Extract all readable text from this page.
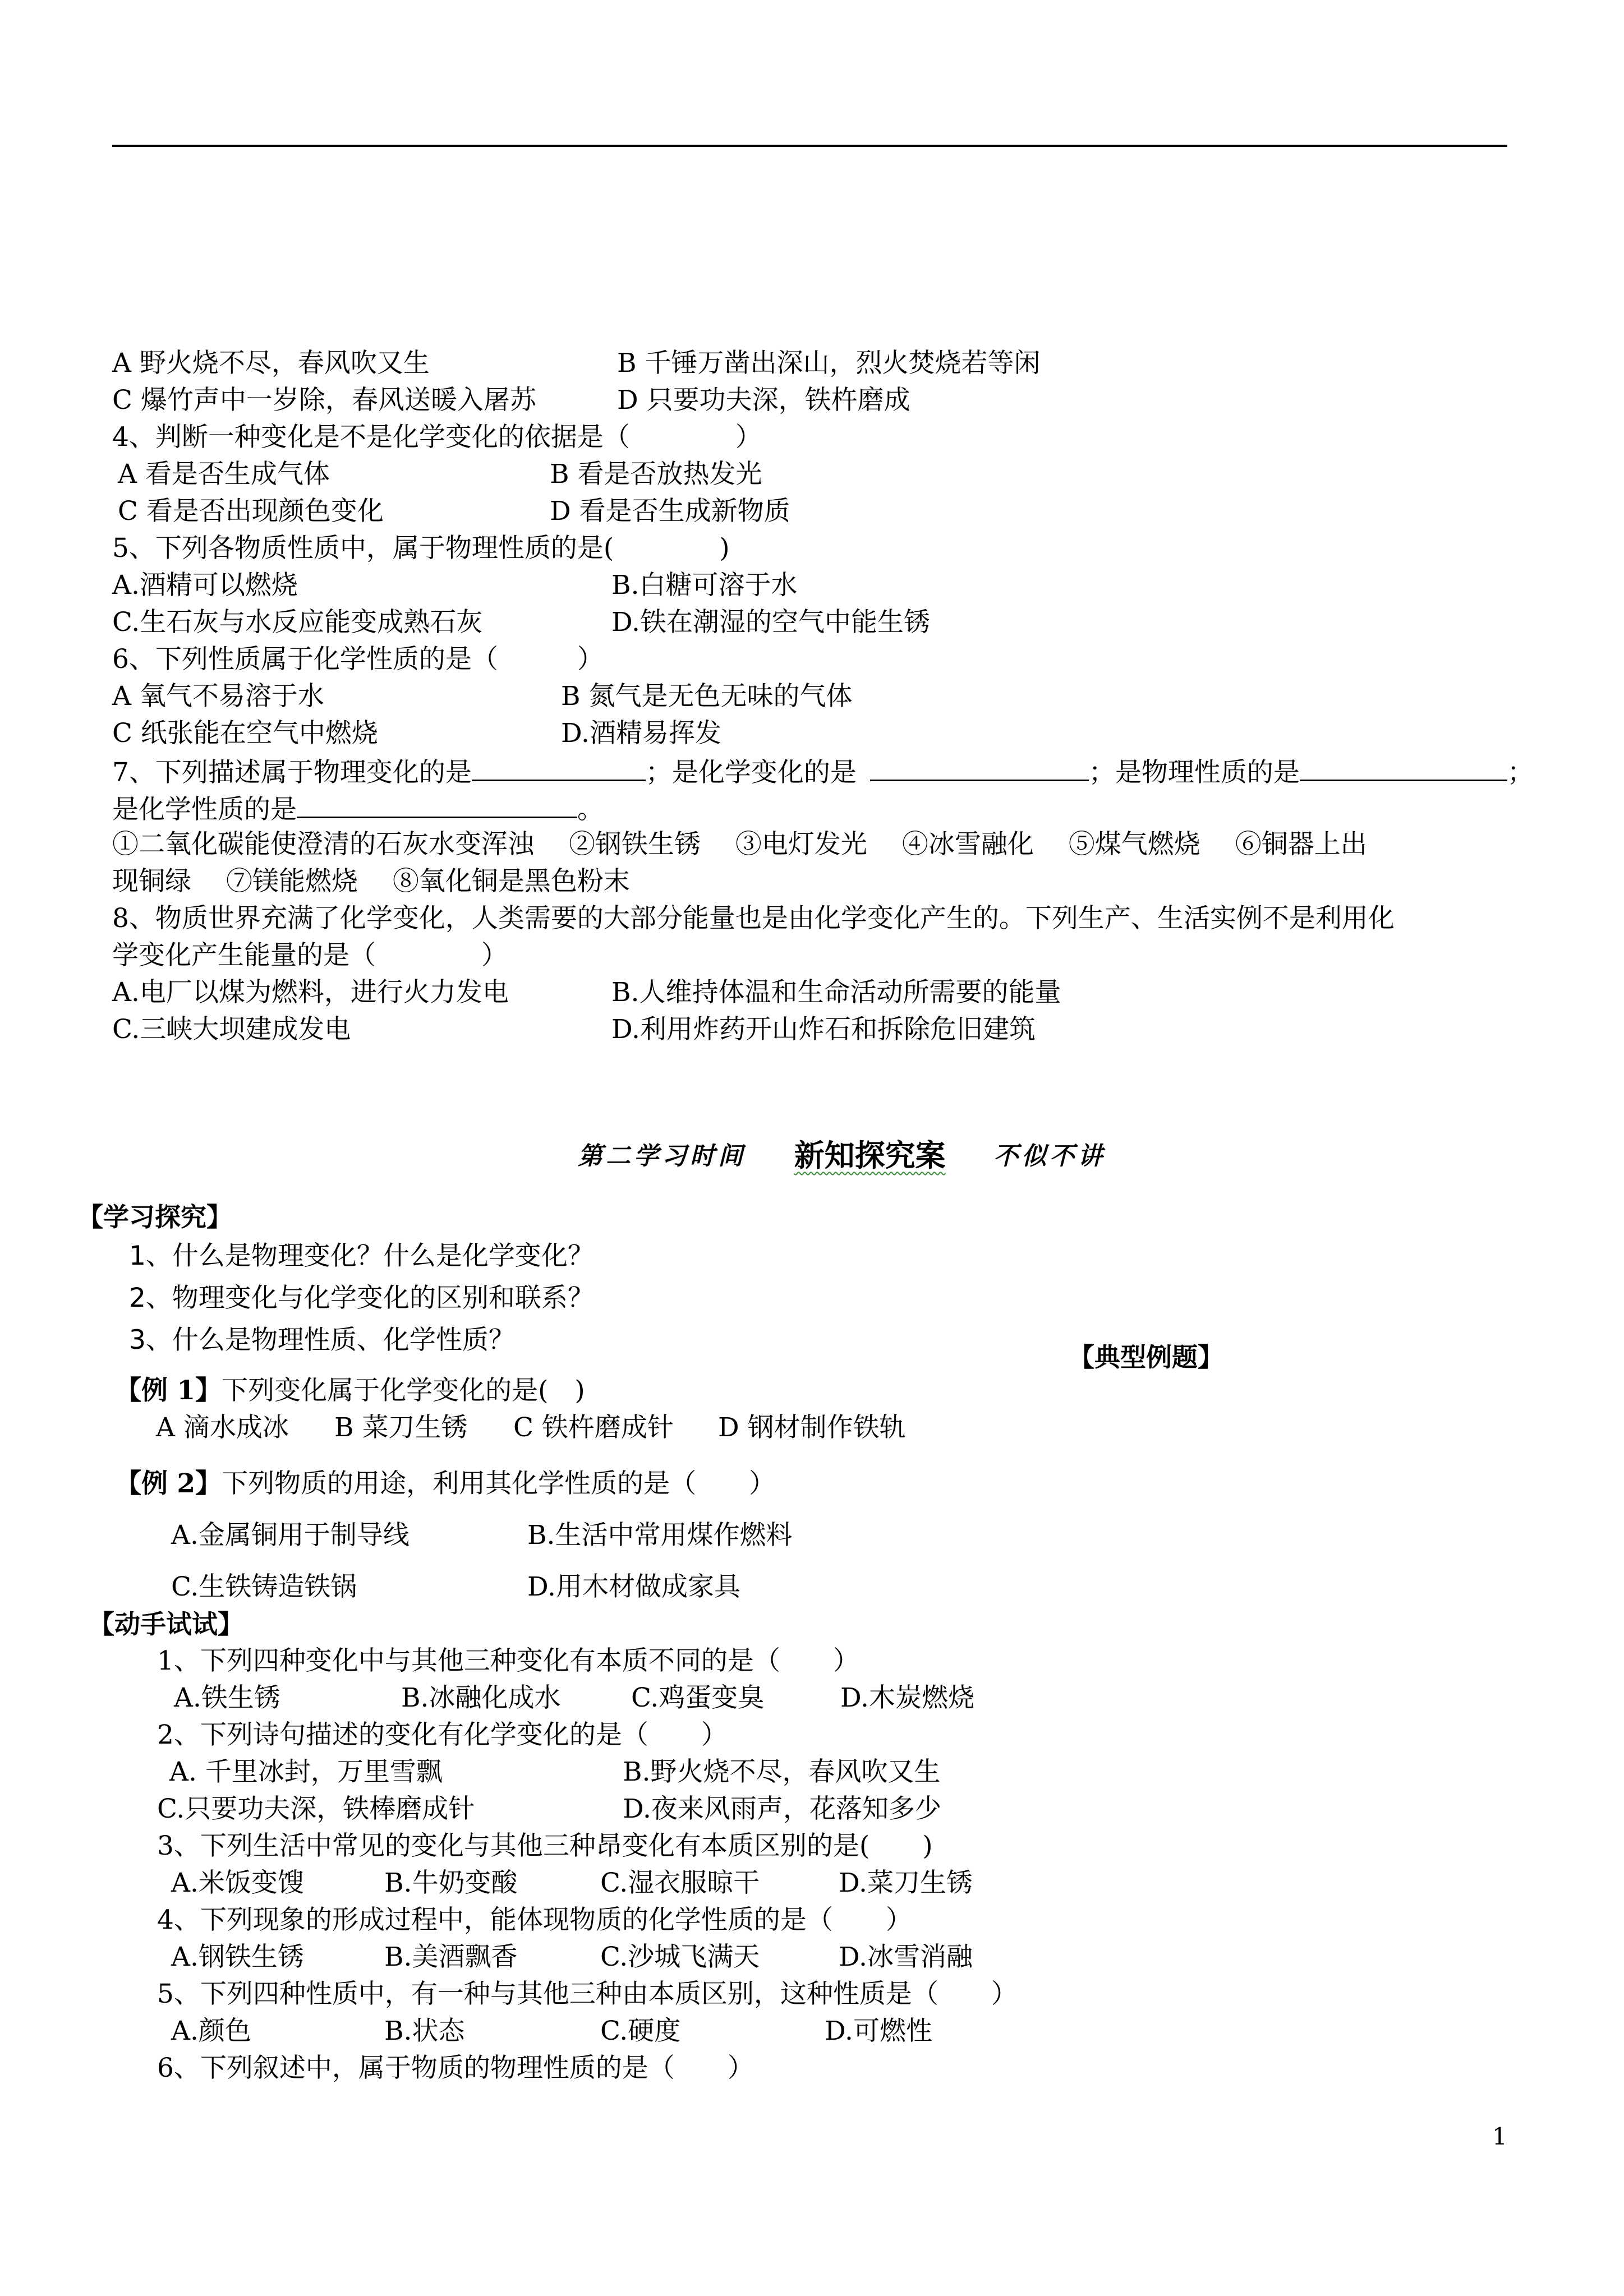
A 野火烧不尽，春风吹又生	B 千锤万凿出深山，烈火焚烧若等闲
C 爆竹声中一岁除，春风送暖入屠苏	D 只要功夫深，铁杵磨成
4、判断一种变化是不是化学变化的依据是（　　　　）
A 看是否生成气体	B 看是否放热发光
C 看是否出现颜色变化	D 看是否生成新物质
5、下列各物质性质中，属于物理性质的是(　　　　)
A.酒精可以燃烧	B.白糖可溶于水
C.生石灰与水反应能变成熟石灰	D.铁在潮湿的空气中能生锈
6、下列性质属于化学性质的是（　　　）
A 氧气不易溶于水	B 氮气是无色无味的气体
C 纸张能在空气中燃烧	D.酒精易挥发
7、下列描述属于物理变化的是	；是化学变化的是	；是物理性质的是	；
是化学性质的是	。
①二氧化碳能使澄清的石灰水变浑浊　 ②钢铁生锈　 ③电灯发光　 ④冰雪融化　 ⑤煤气燃烧　 ⑥铜器上出
现铜绿　 ⑦镁能燃烧　 ⑧氧化铜是黑色粉末
8、物质世界充满了化学变化，人类需要的大部分能量也是由化学变化产生的。下列生产、生活实例不是利用化
学变化产生能量的是（　　　　）
A.电厂以煤为燃料，进行火力发电	B.人维持体温和生命活动所需要的能量
C.三峡大坝建成发电	D.利用炸药开山炸石和拆除危旧建筑
第二学习时间 新知探究案 不似不讲
【学习探究】
1、什么是物理变化？什么是化学变化？
2、物理变化与化学变化的区别和联系？
3、什么是物理性质、化学性质？
【典型例题】
【例 1】下列变化属于化学变化的是(　)
A 滴水成冰 B 菜刀生锈 C 铁杵磨成针 D 钢材制作铁轨
【例 2】下列物质的用途，利用其化学性质的是（　　）
A.金属铜用于制导线	B.生活中常用煤作燃料
C.生铁铸造铁锅	D.用木材做成家具
【动手试试】
1、下列四种变化中与其他三种变化有本质不同的是（　　）
A.铁生锈	B.冰融化成水	C.鸡蛋变臭	D.木炭燃烧
2、下列诗句描述的变化有化学变化的是（　　）
A. 千里冰封，万里雪飘	B.野火烧不尽，春风吹又生
C.只要功夫深，铁棒磨成针	D.夜来风雨声，花落知多少
3、下列生活中常见的变化与其他三种昂变化有本质区别的是(　　)
A.米饭变馊	B.牛奶变酸	C.湿衣服晾干	D.菜刀生锈
4、下列现象的形成过程中，能体现物质的化学性质的是（　　）
A.钢铁生锈	B.美酒飘香	C.沙城飞满天	D.冰雪消融
5、下列四种性质中，有一种与其他三种由本质区别，这种性质是（　　）
A.颜色	B.状态	C.硬度	D.可燃性
6、下列叙述中，属于物质的物理性质的是（　　）
1
